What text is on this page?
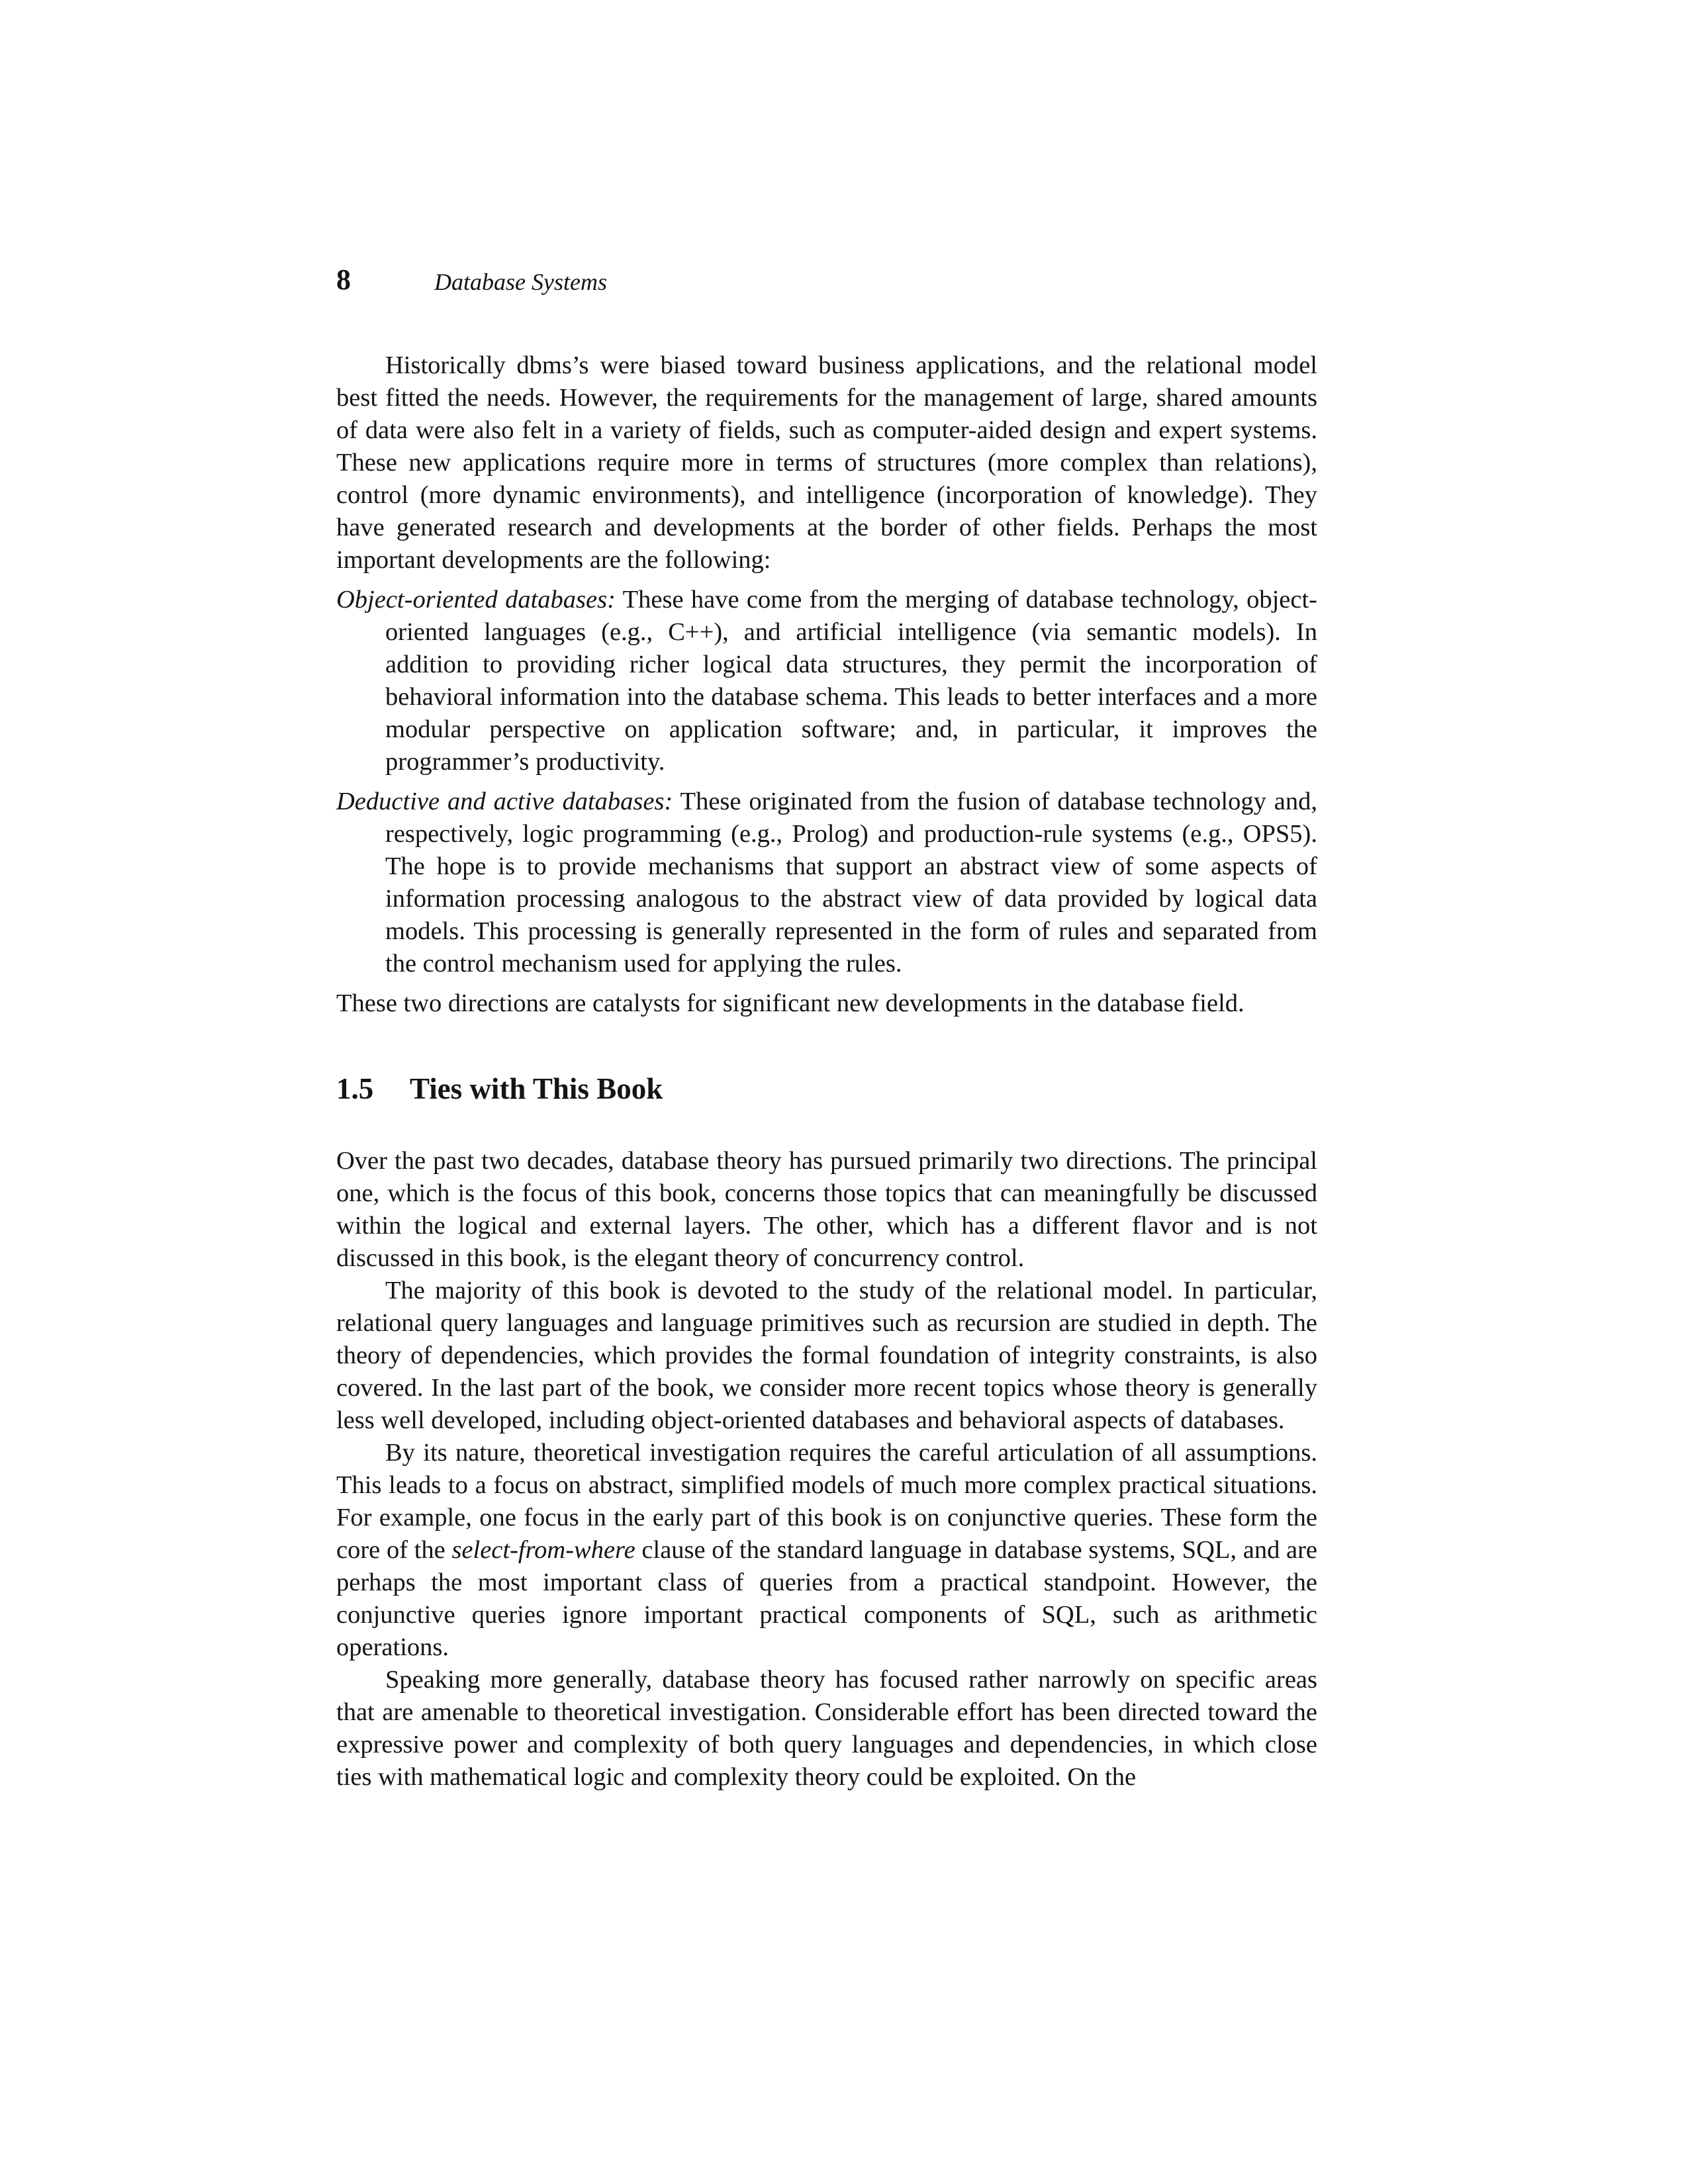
8	Database Systems

Historically dbms’s were biased toward business applications, and the relational model best fitted the needs. However, the requirements for the management of large, shared amounts of data were also felt in a variety of fields, such as computer-aided design and expert systems. These new applications require more in terms of structures (more complex than relations), control (more dynamic environments), and intelligence (incorporation of knowledge). They have generated research and developments at the border of other fields. Perhaps the most important developments are the following:

Object-oriented databases: These have come from the merging of database technology, object-oriented languages (e.g., C++), and artificial intelligence (via semantic models). In addition to providing richer logical data structures, they permit the incorporation of behavioral information into the database schema. This leads to better interfaces and a more modular perspective on application software; and, in particular, it improves the programmer’s productivity.

Deductive and active databases: These originated from the fusion of database technology and, respectively, logic programming (e.g., Prolog) and production-rule systems (e.g., OPS5). The hope is to provide mechanisms that support an abstract view of some aspects of information processing analogous to the abstract view of data provided by logical data models. This processing is generally represented in the form of rules and separated from the control mechanism used for applying the rules.

These two directions are catalysts for significant new developments in the database field.

1.5 Ties with This Book

Over the past two decades, database theory has pursued primarily two directions. The principal one, which is the focus of this book, concerns those topics that can meaningfully be discussed within the logical and external layers. The other, which has a different flavor and is not discussed in this book, is the elegant theory of concurrency control.

The majority of this book is devoted to the study of the relational model. In particular, relational query languages and language primitives such as recursion are studied in depth. The theory of dependencies, which provides the formal foundation of integrity constraints, is also covered. In the last part of the book, we consider more recent topics whose theory is generally less well developed, including object-oriented databases and behavioral aspects of databases.

By its nature, theoretical investigation requires the careful articulation of all assumptions. This leads to a focus on abstract, simplified models of much more complex practical situations. For example, one focus in the early part of this book is on conjunctive queries. These form the core of the select-from-where clause of the standard language in database systems, SQL, and are perhaps the most important class of queries from a practical standpoint. However, the conjunctive queries ignore important practical components of SQL, such as arithmetic operations.

Speaking more generally, database theory has focused rather narrowly on specific areas that are amenable to theoretical investigation. Considerable effort has been directed toward the expressive power and complexity of both query languages and dependencies, in which close ties with mathematical logic and complexity theory could be exploited. On the
